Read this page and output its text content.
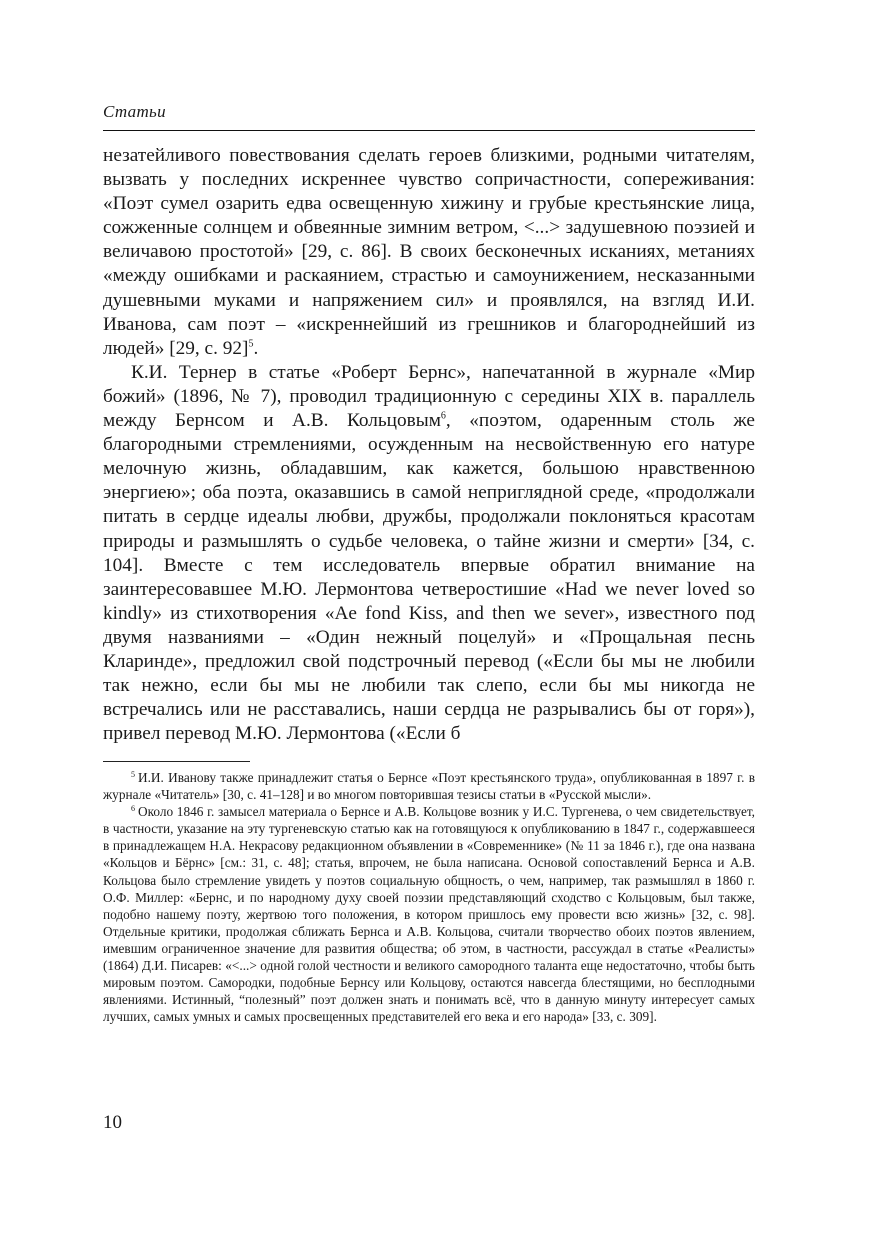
Статьи

незатейливого повествования сделать героев близкими, родными читателям, вызвать у последних искреннее чувство сопричастности, сопереживания: «Поэт сумел озарить едва освещенную хижину и грубые крестьянские лица, сожженные солнцем и обвеянные зимним ветром, <...> задушевною поэзией и величавою простотой» [29, с. 86]. В своих бесконечных исканиях, метаниях «между ошибками и раскаянием, страстью и самоунижением, несказанными душевными муками и напряжением сил» и проявлялся, на взгляд И.И. Иванова, сам поэт – «искреннейший из грешников и благороднейший из людей» [29, с. 92]$^5$.

К.И. Тернер в статье «Роберт Бернс», напечатанной в журнале «Мир божий» (1896, № 7), проводил традиционную с середины XIX в. параллель между Бернсом и А.В. Кольцовым$^6$, «поэтом, одаренным столь же благородными стремлениями, осужденным на несвойственную его натуре мелочную жизнь, обладавшим, как кажется, большою нравственною энергиею»; оба поэта, оказавшись в самой неприглядной среде, «продолжали питать в сердце идеалы любви, дружбы, продолжали поклоняться красотам природы и размышлять о судьбе человека, о тайне жизни и смерти» [34, с. 104]. Вместе с тем исследователь впервые обратил внимание на заинтересовавшее М.Ю. Лермонтова четверостишие «Had we never loved so kindly» из стихотворения «Ae fond Kiss, and then we sever», известного под двумя названиями – «Один нежный поцелуй» и «Прощальная песнь Кларинде», предложил свой подстрочный перевод («Если бы мы не любили так нежно, если бы мы не любили так слепо, если бы мы никогда не встречались или не расставались, наши сердца не разрывались бы от горя»), привел перевод М.Ю. Лермонтова («Если б

$^5$ И.И. Иванову также принадлежит статья о Бернсе «Поэт крестьянского труда», опубликованная в 1897 г. в журнале «Читатель» [30, с. 41–128] и во многом повторившая тезисы статьи в «Русской мысли».

$^6$ Около 1846 г. замысел материала о Бернсе и А.В. Кольцове возник у И.С. Тургенева, о чем свидетельствует, в частности, указание на эту тургеневскую статью как на готовящуюся к опубликованию в 1847 г., содержавшееся в принадлежащем Н.А. Некрасову редакционном объявлении в «Современнике» (№ 11 за 1846 г.), где она названа «Кольцов и Бёрнс» [см.: 31, с. 48]; статья, впрочем, не была написана. Основой сопоставлений Бернса и А.В. Кольцова было стремление увидеть у поэтов социальную общность, о чем, например, так размышлял в 1860 г. О.Ф. Миллер: «Бернс, и по народному духу своей поэзии представляющий сходство с Кольцовым, был также, подобно нашему поэту, жертвою того положения, в котором пришлось ему провести всю жизнь» [32, с. 98]. Отдельные критики, продолжая сближать Бернса и А.В. Кольцова, считали творчество обоих поэтов явлением, имевшим ограниченное значение для развития общества; об этом, в частности, рассуждал в статье «Реалисты» (1864) Д.И. Писарев: «<...> одной голой честности и великого самородного таланта еще недостаточно, чтобы быть мировым поэтом. Самородки, подобные Бернсу или Кольцову, остаются навсегда блестящими, но бесплодными явлениями. Истинный, “полезный” поэт должен знать и понимать всё, что в данную минуту интересует самых лучших, самых умных и самых просвещенных представителей его века и его народа» [33, с. 309].

10
